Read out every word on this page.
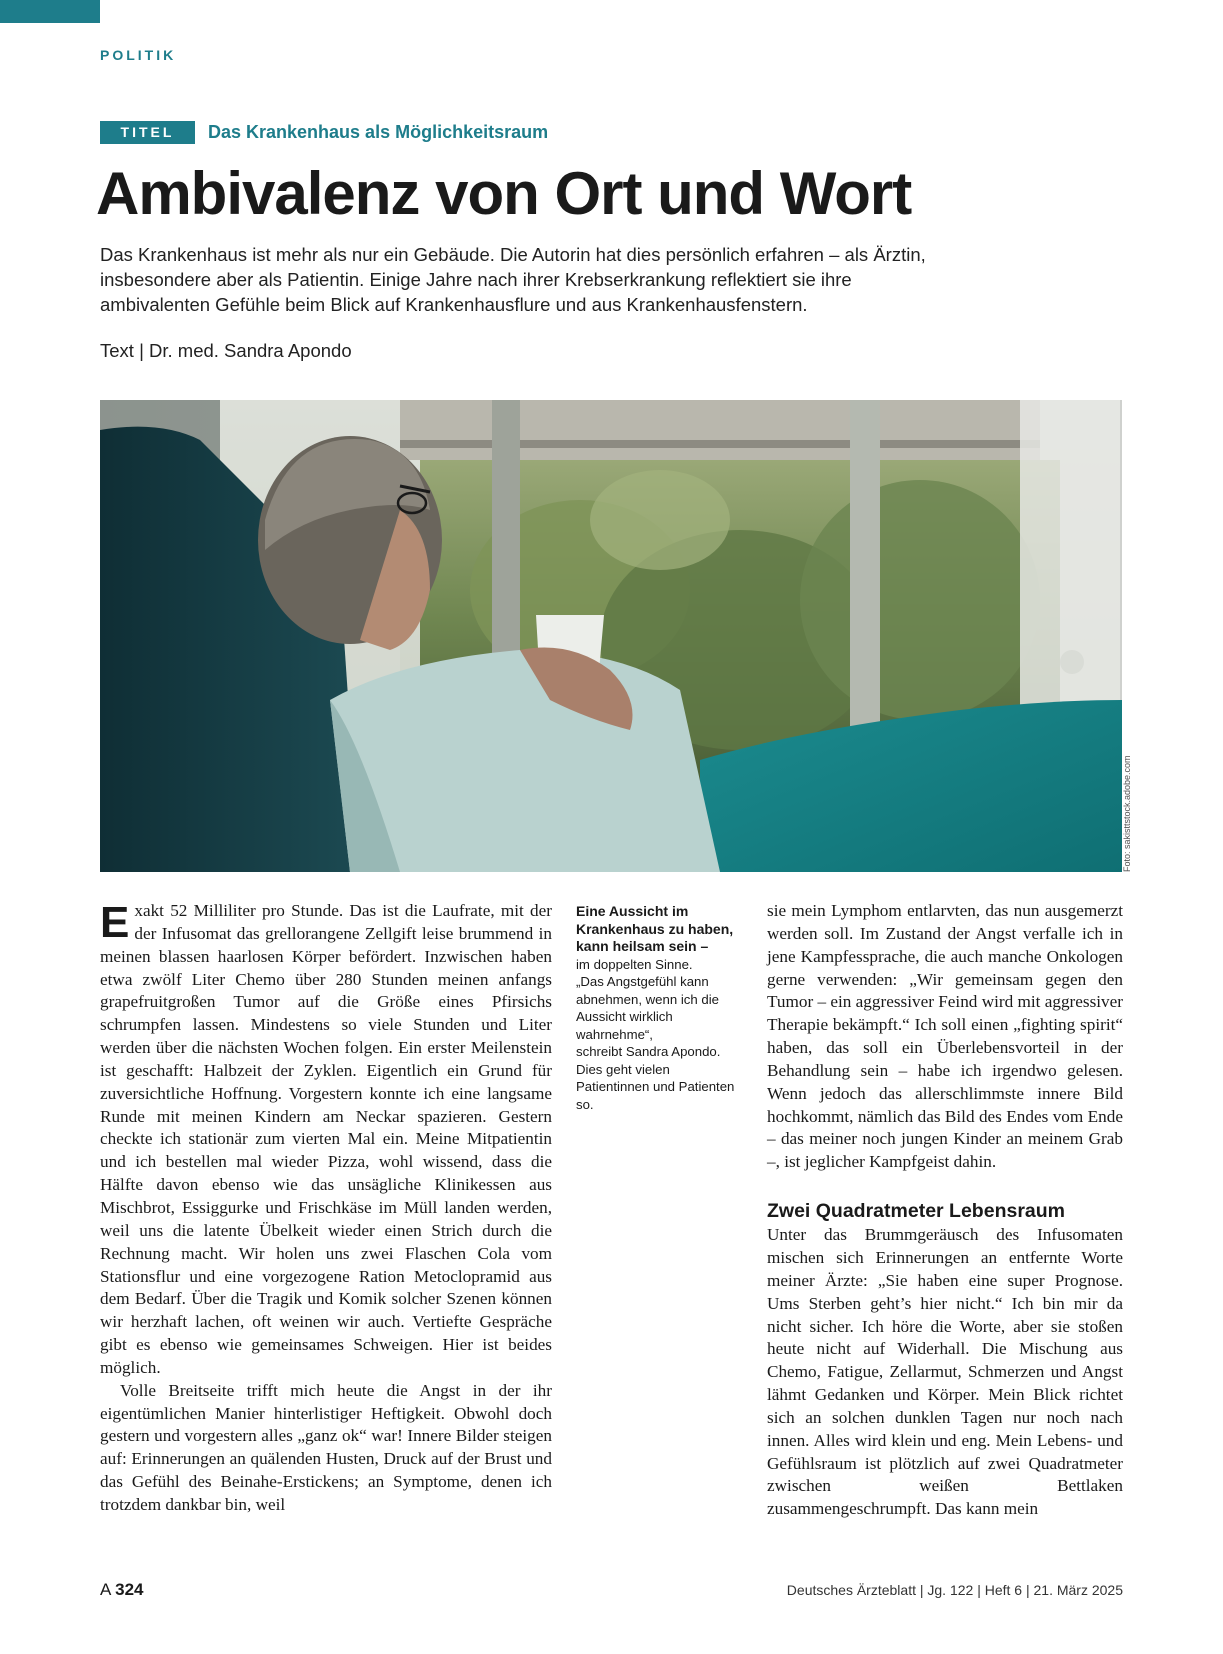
POLITIK
TITEL	Das Krankenhaus als Möglichkeitsraum
Ambivalenz von Ort und Wort

Das Krankenhaus ist mehr als nur ein Gebäude. Die Autorin hat dies persönlich erfahren – als Ärztin, insbesondere aber als Patientin. Einige Jahre nach ihrer Krebserkrankung reflektiert sie ihre ambivalenten Gefühle beim Blick auf Krankenhausflure und aus Krankenhausfenstern.

Text | Dr. med. Sandra Apondo

Foto: sakisttstock.adobe.com

Exakt 52 Milliliter pro Stunde. Das ist die Laufrate, mit der der Infusomat das grellorangene Zellgift leise brummend in meinen blassen haarlosen Körper befördert. Inzwischen haben etwa zwölf Liter Chemo über 280 Stunden meinen anfangs grapefruitgroßen Tumor auf die Größe eines Pfirsichs schrumpfen lassen. Mindestens so viele Stunden und Liter werden über die nächsten Wochen folgen. Ein erster Meilenstein ist geschafft: Halbzeit der Zyklen. Eigentlich ein Grund für zuversichtliche Hoffnung. Vorgestern konnte ich eine langsame Runde mit meinen Kindern am Neckar spazieren. Gestern checkte ich stationär zum vierten Mal ein. Meine Mitpatientin und ich bestellen mal wieder Pizza, wohl wissend, dass die Hälfte davon ebenso wie das unsägliche Klinikessen aus Mischbrot, Essiggurke und Frischkäse im Müll landen werden, weil uns die latente Übelkeit wieder einen Strich durch die Rechnung macht. Wir holen uns zwei Flaschen Cola vom Stationsflur und eine vorgezogene Ration Metoclopramid aus dem Bedarf. Über die Tragik und Komik solcher Szenen können wir herzhaft lachen, oft weinen wir auch. Vertiefte Gespräche gibt es ebenso wie gemeinsames Schweigen. Hier ist beides möglich.

Volle Breitseite trifft mich heute die Angst in der ihr eigentümlichen Manier hinterlistiger Heftigkeit. Obwohl doch gestern und vorgestern alles „ganz ok“ war! Innere Bilder steigen auf: Erinnerungen an quälenden Husten, Druck auf der Brust und das Gefühl des Beinahe-Erstickens; an Symptome, denen ich trotzdem dankbar bin, weil

Eine Aussicht im Krankenhaus zu haben, kann heilsam sein –
im doppelten Sinne.
„Das Angstgefühl kann abnehmen, wenn ich die Aussicht wirklich wahrnehme“,
schreibt Sandra Apondo.
Dies geht vielen Patientinnen und Patienten so.

sie mein Lymphom entlarvten, das nun ausgemerzt werden soll. Im Zustand der Angst verfalle ich in jene Kampfessprache, die auch manche Onkologen gerne verwenden: „Wir gemeinsam gegen den Tumor – ein aggressiver Feind wird mit aggressiver Therapie bekämpft.“ Ich soll einen „fighting spirit“ haben, das soll ein Überlebensvorteil in der Behandlung sein – habe ich irgendwo gelesen. Wenn jedoch das allerschlimmste innere Bild hochkommt, nämlich das Bild des Endes vom Ende – das meiner noch jungen Kinder an meinem Grab –, ist jeglicher Kampfgeist dahin.

Zwei Quadratmeter Lebensraum

Unter das Brummgeräusch des Infusomaten mischen sich Erinnerungen an entfernte Worte meiner Ärzte: „Sie haben eine super Prognose. Ums Sterben geht’s hier nicht.“ Ich bin mir da nicht sicher. Ich höre die Worte, aber sie stoßen heute nicht auf Widerhall. Die Mischung aus Chemo, Fatigue, Zellarmut, Schmerzen und Angst lähmt Gedanken und Körper. Mein Blick richtet sich an solchen dunklen Tagen nur noch nach innen. Alles wird klein und eng. Mein Lebens- und Gefühlsraum ist plötzlich auf zwei Quadratmeter zwischen weißen Bettlaken zusammengeschrumpft. Das kann mein

A 324	Deutsches Ärzteblatt | Jg. 122 | Heft 6 | 21. März 2025
